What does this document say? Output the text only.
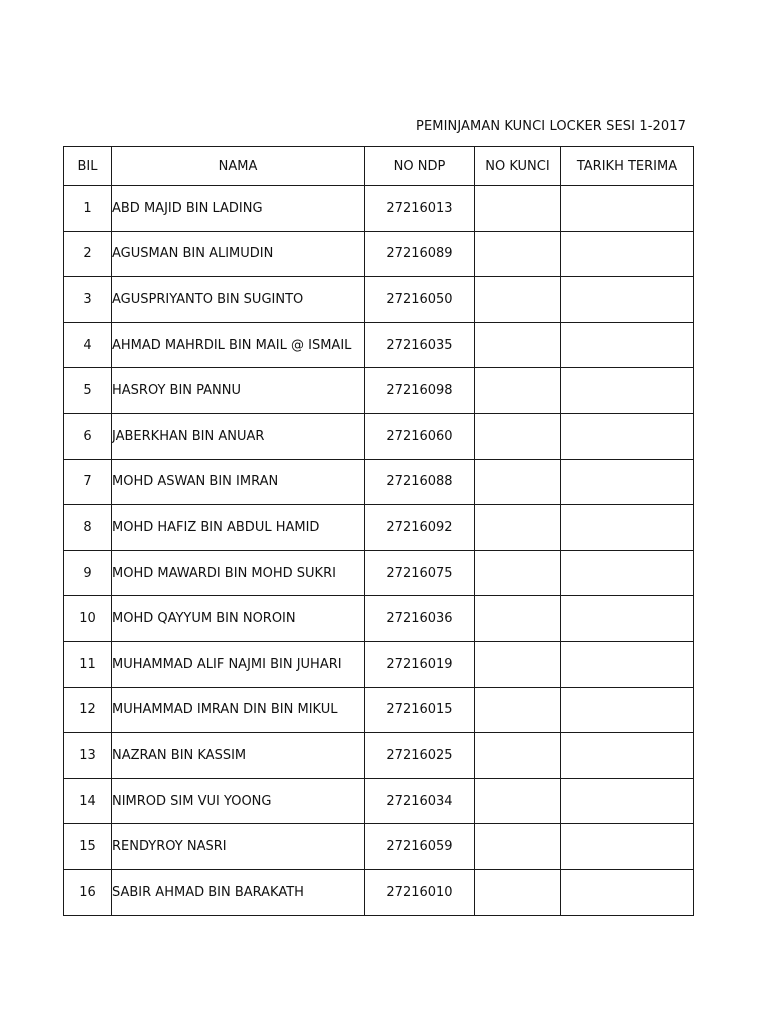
PEMINJAMAN KUNCI LOCKER SESI 1-2017
BIL	NAMA	NO NDP	NO KUNCI	TARIKH TERIMA
1	ABD MAJID BIN LADING	27216013		
2	AGUSMAN BIN ALIMUDIN	27216089		
3	AGUSPRIYANTO BIN SUGINTO	27216050		
4	AHMAD MAHRDIL BIN MAIL @ ISMAIL	27216035		
5	HASROY BIN PANNU	27216098		
6	JABERKHAN BIN ANUAR	27216060		
7	MOHD ASWAN BIN IMRAN	27216088		
8	MOHD HAFIZ BIN ABDUL HAMID	27216092		
9	MOHD MAWARDI BIN MOHD SUKRI	27216075		
10	MOHD QAYYUM BIN NOROIN	27216036		
11	MUHAMMAD ALIF NAJMI BIN JUHARI	27216019		
12	MUHAMMAD IMRAN DIN BIN MIKUL	27216015		
13	NAZRAN BIN KASSIM	27216025		
14	NIMROD SIM VUI YOONG	27216034		
15	RENDYROY NASRI	27216059		
16	SABIR AHMAD BIN BARAKATH	27216010		
